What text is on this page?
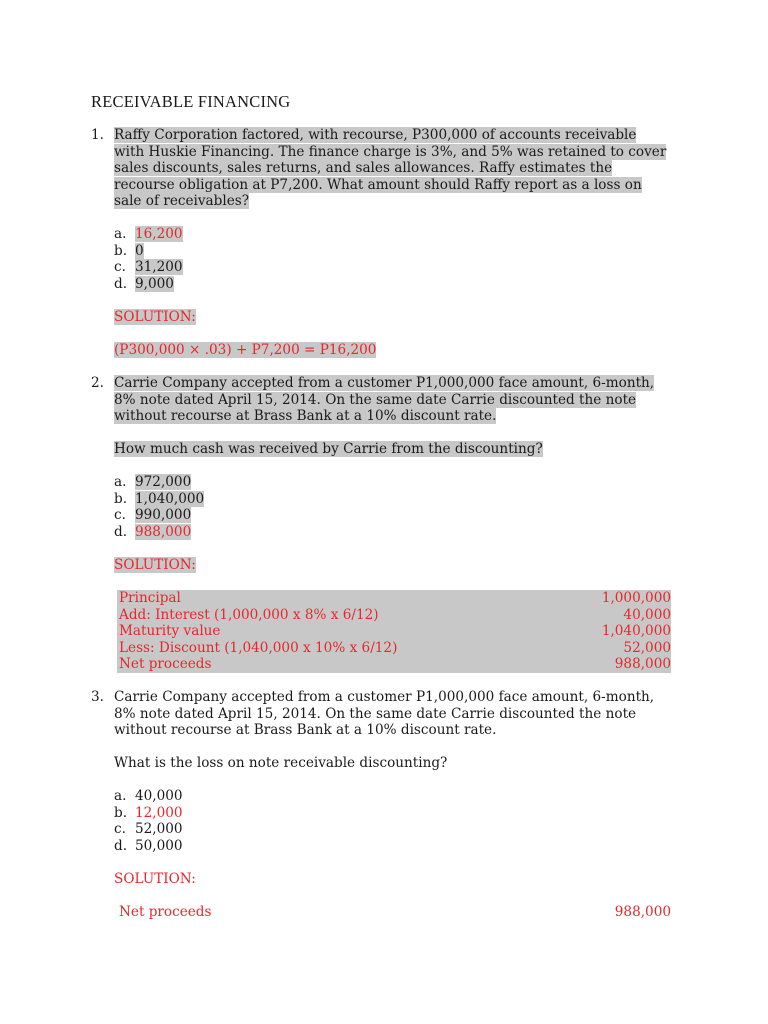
RECEIVABLE FINANCING
1. Raffy Corporation factored, with recourse, P300,000 of accounts receivable
with Huskie Financing. The finance charge is 3%, and 5% was retained to cover
sales discounts, sales returns, and sales allowances. Raffy estimates the
recourse obligation at P7,200. What amount should Raffy report as a loss on
sale of receivables?
a. 16,200
b. 0
c. 31,200
d. 9,000
SOLUTION:
(P300,000 × .03) + P7,200 = P16,200
2. Carrie Company accepted from a customer P1,000,000 face amount, 6-month,
8% note dated April 15, 2014. On the same date Carrie discounted the note
without recourse at Brass Bank at a 10% discount rate.
How much cash was received by Carrie from the discounting?
a. 972,000
b. 1,040,000
c. 990,000
d. 988,000
SOLUTION:
Principal	1,000,000
Add: Interest (1,000,000 x 8% x 6/12)	40,000
Maturity value	1,040,000
Less: Discount (1,040,000 x 10% x 6/12)	52,000
Net proceeds	988,000
3. Carrie Company accepted from a customer P1,000,000 face amount, 6-month,
8% note dated April 15, 2014. On the same date Carrie discounted the note
without recourse at Brass Bank at a 10% discount rate.
What is the loss on note receivable discounting?
a. 40,000
b. 12,000
c. 52,000
d. 50,000
SOLUTION:
Net proceeds	988,000
